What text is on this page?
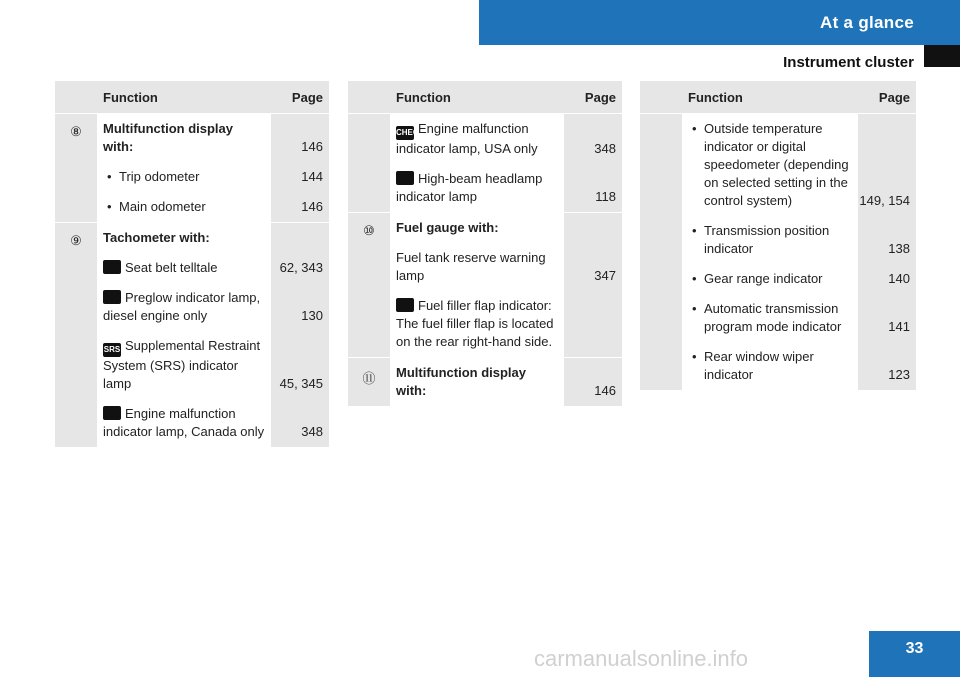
At a glance
Instrument cluster
Function	Page
⑧	Multifunction display with:	146
• Trip odometer	144
• Main odometer	146
⑨	Tachometer with:
Seat belt telltale	62, 343
Preglow indicator lamp, diesel engine only	130
SRS Supplemental Restraint System (SRS) indicator lamp	45, 345
Engine malfunction indicator lamp, Canada only	348
Function	Page
CHECKEngine malfunction indicator lamp, USA only	348
High-beam headlamp indicator lamp	118
⑩	Fuel gauge with:
Fuel tank reserve warning lamp	347
Fuel filler flap indicator: The fuel filler flap is located on the rear right-hand side.
⑪	Multifunction display with:	146
Function	Page
• Outside temperature indicator or digital speedometer (depending on selected setting in the control system)	149, 154
• Transmission position indicator	138
• Gear range indicator	140
• Automatic transmission program mode indicator	141
• Rear window wiper indicator	123
33
carmanualsonline.info
